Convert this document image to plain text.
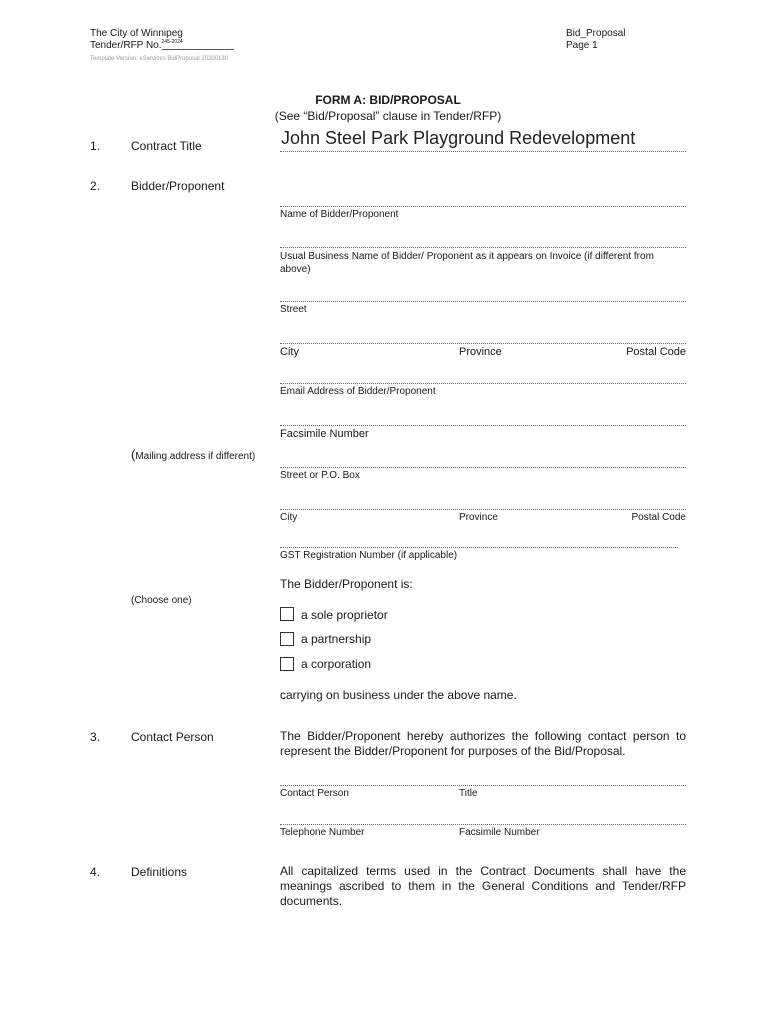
The City of Winnipeg
Tender/RFP No.$^{245-2024}$
Template Version: eServices BidProposal 20200130
Bid_Proposal
Page 1
FORM A: BID/PROPOSAL
(See “Bid/Proposal” clause in Tender/RFP)
1.	Contract Title	John Steel Park Playground Redevelopment
2.	Bidder/Proponent
Name of Bidder/Proponent
Usual Business Name of Bidder/ Proponent as it appears on Invoice (if different from above)
Street
City	Province	Postal Code
Email Address of Bidder/Proponent
Facsimile Number
(Mailing address if different)
Street or P.O. Box
City	Province	Postal Code
GST Registration Number (if applicable)
The Bidder/Proponent is:
(Choose one)
a sole proprietor
a partnership
a corporation
carrying on business under the above name.
3.	Contact Person	The Bidder/Proponent hereby authorizes the following contact person to represent the Bidder/Proponent for purposes of the Bid/Proposal.
Contact Person	Title
Telephone Number	Facsimile Number
4.	Definitions	All capitalized terms used in the Contract Documents shall have the meanings ascribed to them in the General Conditions and Tender/RFP documents.
